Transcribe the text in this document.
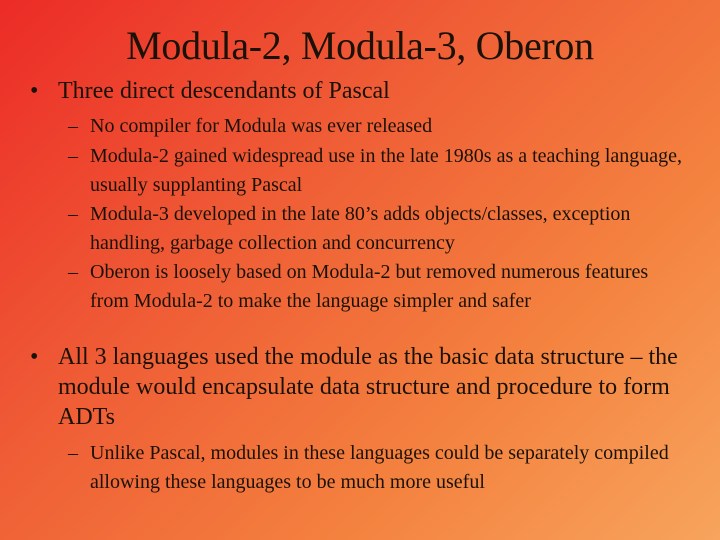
Modula-2, Modula-3, Oberon
• Three direct descendants of Pascal
– No compiler for Modula was ever released
– Modula-2 gained widespread use in the late 1980s as a teaching language, usually supplanting Pascal
– Modula-3 developed in the late 80’s adds objects/classes, exception handling, garbage collection and concurrency
– Oberon is loosely based on Modula-2 but removed numerous features from Modula-2 to make the language simpler and safer
• All 3 languages used the module as the basic data structure – the module would encapsulate data structure and procedure to form ADTs
– Unlike Pascal, modules in these languages could be separately compiled allowing these languages to be much more useful
